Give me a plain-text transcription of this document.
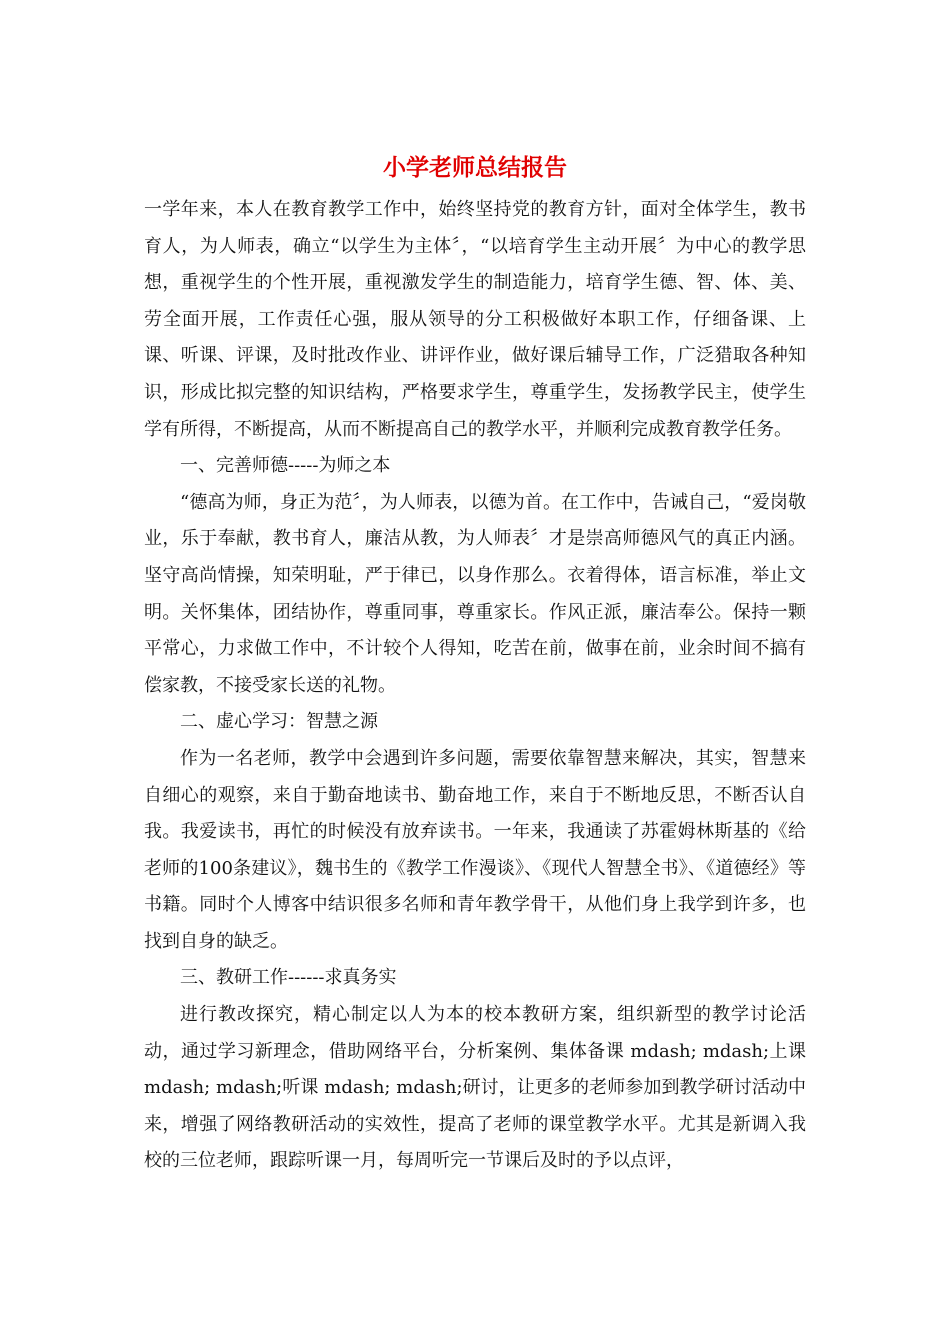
小学老师总结报告

一学年来，本人在教育教学工作中，始终坚持党的教育方针，面对全体学生，教书育人，为人师表，确立“以学生为主体〞，“以培育学生主动开展〞为中心的教学思想，重视学生的个性开展，重视激发学生的制造能力，培育学生德、智、体、美、劳全面开展，工作责任心强，服从领导的分工积极做好本职工作，仔细备课、上课、听课、评课，及时批改作业、讲评作业，做好课后辅导工作，广泛猎取各种知识，形成比拟完整的知识结构，严格要求学生，尊重学生，发扬教学民主，使学生学有所得，不断提高，从而不断提高自己的教学水平，并顺利完成教育教学任务。

一、完善师德-----为师之本

“德高为师，身正为范〞，为人师表，以德为首。在工作中，告诫自己，“爱岗敬业，乐于奉献，教书育人，廉洁从教，为人师表〞才是崇高师德风气的真正内涵。坚守高尚情操，知荣明耻，严于律已，以身作那么。衣着得体，语言标准，举止文明。关怀集体，团结协作，尊重同事，尊重家长。作风正派，廉洁奉公。保持一颗平常心，力求做工作中，不计较个人得知，吃苦在前，做事在前，业余时间不搞有偿家教，不接受家长送的礼物。

二、虚心学习：智慧之源

作为一名老师，教学中会遇到许多问题，需要依靠智慧来解决，其实，智慧来自细心的观察，来自于勤奋地读书、勤奋地工作，来自于不断地反思，不断否认自我。我爱读书，再忙的时候没有放弃读书。一年来，我通读了苏霍姆林斯基的《给老师的100条建议》，魏书生的《教学工作漫谈》、《现代人智慧全书》、《道德经》等书籍。同时个人博客中结识很多名师和青年教学骨干，从他们身上我学到许多，也找到自身的缺乏。

三、教研工作------求真务实

进行教改探究，精心制定以人为本的校本教研方案，组织新型的教学讨论活动，通过学习新理念，借助网络平台，分析案例、集体备课 mdash; mdash;上课 mdash; mdash;听课 mdash; mdash;研讨，让更多的老师参加到教学研讨活动中来，增强了网络教研活动的实效性，提高了老师的课堂教学水平。尤其是新调入我校的三位老师，跟踪听课一月，每周听完一节课后及时的予以点评，
